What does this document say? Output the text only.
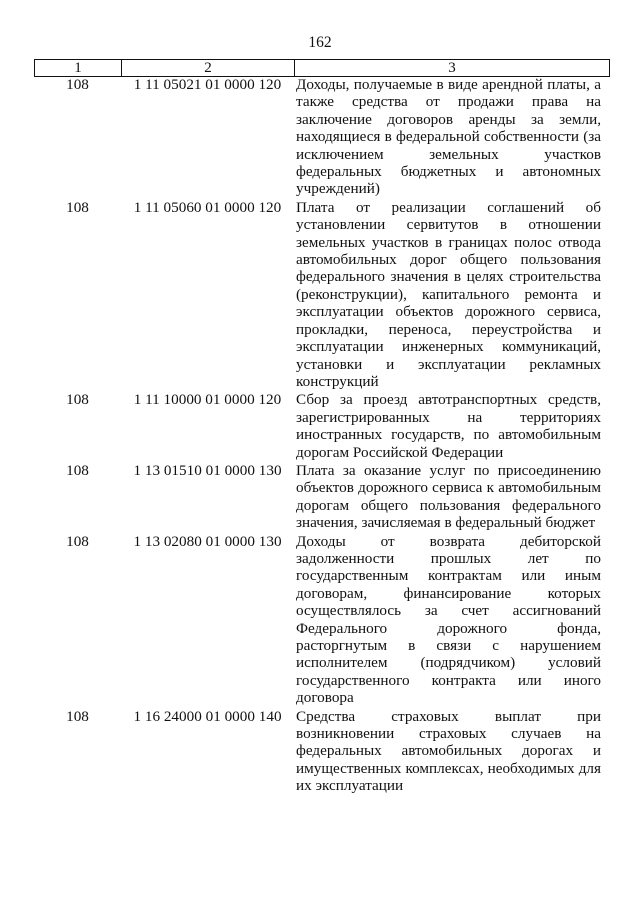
162
1	2	3
108	1 11 05021 01 0000 120 Доходы, получаемые в виде арендной платы, а также средства от продажи права на заключение договоров аренды за земли, находящиеся в федеральной собственности (за исключением земельных участков федеральных бюджетных и автономных учреждений)
108	1 11 05060 01 0000 120 Плата от реализации соглашений об установлении сервитутов в отношении земельных участков в границах полос отвода автомобильных дорог общего пользования федерального значения в целях строительства (реконструкции), капитального ремонта и эксплуатации объектов дорожного сервиса, прокладки, переноса, переустройства и эксплуатации инженерных коммуникаций, установки и эксплуатации рекламных конструкций
108	1 11 10000 01 0000 120 Сбор за проезд автотранспортных средств, зарегистрированных на территориях иностранных государств, по автомобильным дорогам Российской Федерации
108	1 13 01510 01 0000 130 Плата за оказание услуг по присоединению объектов дорожного сервиса к автомобильным дорогам общего пользования федерального значения, зачисляемая в федеральный бюджет
108	1 13 02080 01 0000 130 Доходы от возврата дебиторской задолженности прошлых лет по государственным контрактам или иным договорам, финансирование которых осуществлялось за счет ассигнований Федерального дорожного фонда, расторгнутым в связи с нарушением исполнителем (подрядчиком) условий государственного контракта или иного договора
108	1 16 24000 01 0000 140 Средства страховых выплат при возникновении страховых случаев на федеральных автомобильных дорогах и имущественных комплексах, необходимых для их эксплуатации
